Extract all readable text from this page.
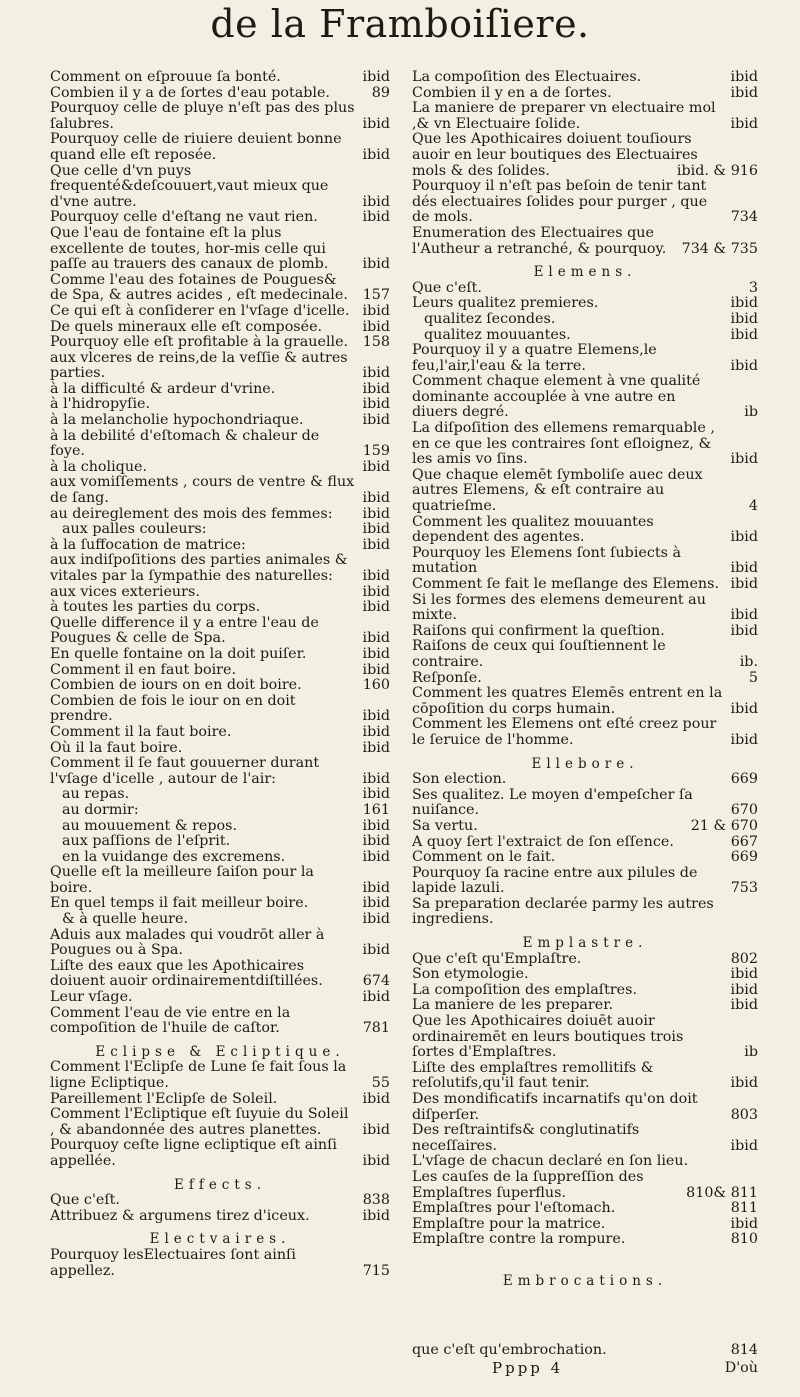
de la Framboiſiere.
Comment on eſprouue ſa bonté.	ibid
Combien il y a de ſortes d'eau potable.	89
Pourquoy celle de pluye n'eſt pas des plus ſalubres.	ibid
Pourquoy celle de riuiere deuient bonne quand elle eſt reposée.	ibid
Que celle d'vn puys frequenté&deſcouuert,vaut mieux que d'vne autre.	ibid
Pourquoy celle d'eſtang ne vaut rien.	ibid
Que l'eau de fontaine eſt la plus excellente de toutes, hor-mis celle qui paſſe au trauers des canaux de plomb. ibid
Comme l'eau des fotaines de Pougues& de Spa, & autres acides , eſt medecinale. 157
Ce qui eſt à conſiderer en l'vſage d'icelle. ibid
De quels mineraux elle eſt composée.	ibid
Pourquoy elle eſt profitable à la grauelle. 158
aux vlceres de reins,de la veſſie & autres parties.	ibid
à la difficulté & ardeur d'vrine.	ibid
à l'hidropyſie.	ibid
à la melancholie hypochondriaque.	ibid
à la debilité d'eſtomach & chaleur de foye.	159
à la cholique.	ibid
aux vomiſſements , cours de ventre & flux de ſang.	ibid
au deireglement des mois des femmes: ibid
aux palles couleurs:	ibid
à la ſuffocation de matrice:	ibid
aux indiſpoſitions des parties animales & vitales par la ſympathie des naturelles: ibid
aux vices exterieurs.	ibid
à toutes les parties du corps.	ibid
Quelle difference il y a entre l'eau de Pougues & celle de Spa.	ibid
En quelle fontaine on la doit puiſer.	ibid
Comment il en faut boire.	ibid
Combien de iours on en doit boire.	160
Combien de fois le iour on en doit prendre.	ibid
Comment il la faut boire.	ibid
Où il la faut boire.	ibid
Comment il ſe faut gouuerner durant l'vſage d'icelle , autour de l'air:	ibid
au repas.	ibid
au dormir:	161
au mouuement & repos.	ibid
aux paſſions de l'eſprit.	ibid
en la vuidange des excremens.	ibid
Quelle eſt la meilleure ſaiſon pour la boire.	ibid
En quel temps il fait meilleur boire.	ibid
& à quelle heure.	ibid
Aduis aux malades qui voudrōt aller à Pougues ou à Spa.	ibid
Liſte des eaux que les Apothicaires doiuent auoir ordinairementdiſtillées.	674
Leur vſage.	ibid
Comment l'eau de vie entre en la compoſition de l'huile de caſtor.	781
Eclipse & Ecliptique.
Comment l'Eclipſe de Lune ſe fait ſous la ligne Ecliptique.	55
Pareillement l'Eclipſe de Soleil.	ibid
Comment l'Ecliptique eſt ſuyuie du Soleil , & abandonnée des autres planettes.	ibid
Pourquoy ceſte ligne ecliptique eſt ainſi appellée.	ibid
Effects.
Que c'eſt.	838
Attribuez & argumens tirez d'iceux.	ibid
Electvaires.
Pourquoy lesElectuaires ſont ainſi appellez.	715
La compoſition des Electuaires.	ibid
Combien il y en a de ſortes.	ibid
La maniere de preparer vn electuaire mol ,& vn Electuaire ſolide.	ibid
Que les Apothicaires doiuent touſiours auoir en leur boutiques des Electuaires mols & des ſolides.	ibid. & 916
Pourquoy il n'eſt pas beſoin de tenir tant dés electuaires ſolides pour purger , que de mols.	734
Enumeration des Electuaires que l'Autheur a retranché, & pourquoy. 734 & 735
Elemens.
Que c'eſt.	3
Leurs qualitez premieres.	ibid
qualitez ſecondes.	ibid
qualitez mouuantes.	ibid
Pourquoy il y a quatre Elemens,le feu,l'air,l'eau & la terre.	ibid
Comment chaque element à vne qualité dominante accouplée à vne autre en diuers degré.	ib
La diſpoſition des ellemens remarquable , en ce que les contraires ſont eſloignez, & les amis vo ſins.	ibid
Que chaque elemēt ſymboliſe auec deux autres Elemens, & eſt contraire au quatrieſme.	4
Comment les qualitez mouuantes dependent des agentes.	ibid
Pourquoy les Elemens ſont ſubiects à mutation	ibid
Comment ſe fait le meſlange des Elemens. ibid
Si les formes des elemens demeurent au mixte.	ibid
Raiſons qui confirment la queſtion.	ibid
Raiſons de ceux qui ſouſtiennent le contraire.	ib.
Reſponſe.	5
Comment les quatres Elemēs entrent en la cōpoſition du corps humain.	ibid
Comment les Elemens ont eſté creez pour le ſeruice de l'homme.	ibid
Ellebore.
Son election.	669
Ses qualitez. Le moyen d'empeſcher ſa nuiſance.	670
Sa vertu.	21 & 670
A quoy ſert l'extraict de ſon eſſence.	667
Comment on le fait.	669
Pourquoy ſa racine entre aux pilules de lapide lazuli.	753
Sa preparation declarée parmy les autres ingrediens.
Emplastre.
Que c'eſt qu'Emplaſtre.	802
Son etymologie.	ibid
La compoſition des emplaſtres.	ibid
La maniere de les preparer.	ibid
Que les Apothicaires doiuēt auoir ordinairemēt en leurs boutiques trois ſortes d'Emplaſtres.	ib
Liſte des emplaſtres remollitifs & reſolutifs,qu'il faut tenir.	ibid
Des mondificatifs incarnatifs qu'on doit diſperſer.	803
Des reſtraintifs& conglutinatifs neceſſaires.	ibid
L'vſage de chacun declaré en ſon lieu.
Les cauſes de la ſuppreſſion des Emplaſtres ſuperflus.	810& 811
Emplaſtres pour l'eſtomach.	811
Emplaſtre pour la matrice.	ibid
Emplaſtre contre la rompure.	810
Embrocations.
que c'eſt qu'embrochation.	814
Pppp 4	D'où
